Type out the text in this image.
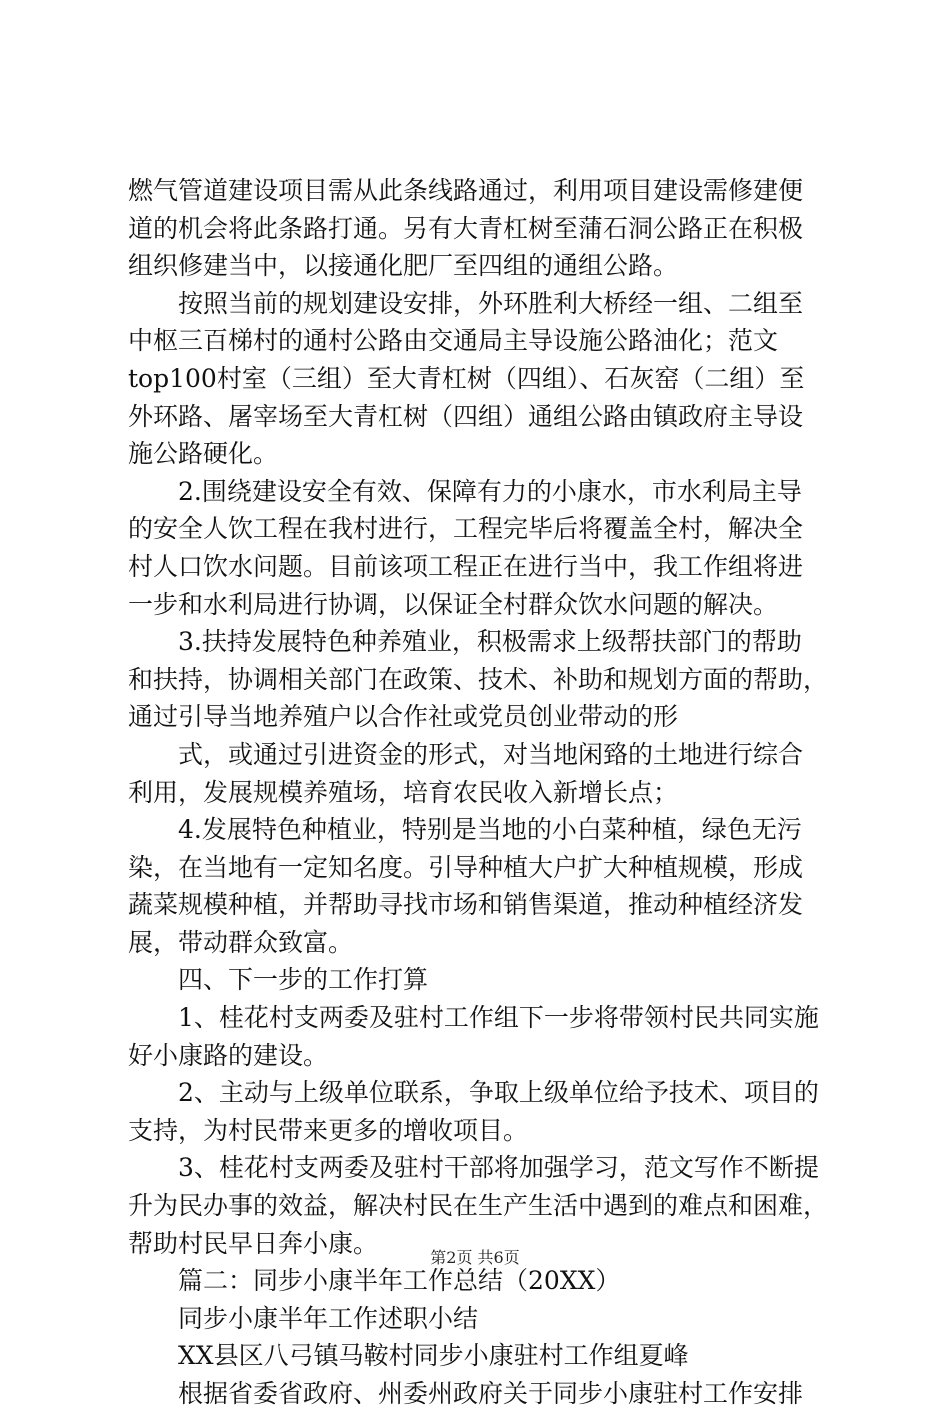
燃气管道建设项目需从此条线路通过，利用项目建设需修建便
道的机会将此条路打通。另有大青杠树至蒲石洞公路正在积极
组织修建当中，以接通化肥厂至四组的通组公路。
按照当前的规划建设安排，外环胜利大桥经一组、二组至
中枢三百梯村的通村公路由交通局主导设施公路油化；范文
top100村室（三组）至大青杠树（四组）、石灰窑（二组）至
外环路、屠宰场至大青杠树（四组）通组公路由镇政府主导设
施公路硬化。
2.围绕建设安全有效、保障有力的小康水，市水利局主导
的安全人饮工程在我村进行，工程完毕后将覆盖全村，解决全
村人口饮水问题。目前该项工程正在进行当中，我工作组将进
一步和水利局进行协调，以保证全村群众饮水问题的解决。
3.扶持发展特色种养殖业，积极需求上级帮扶部门的帮助
和扶持，协调相关部门在政策、技术、补助和规划方面的帮助，
通过引导当地养殖户以合作社或党员创业带动的形
式，或通过引进资金的形式，对当地闲臵的土地进行综合
利用，发展规模养殖场，培育农民收入新增长点；
4.发展特色种植业，特别是当地的小白菜种植，绿色无污
染，在当地有一定知名度。引导种植大户扩大种植规模，形成
蔬菜规模种植，并帮助寻找市场和销售渠道，推动种植经济发
展，带动群众致富。
四、下一步的工作打算
1、桂花村支两委及驻村工作组下一步将带领村民共同实施
好小康路的建设。
2、主动与上级单位联系，争取上级单位给予技术、项目的
支持，为村民带来更多的增收项目。
3、桂花村支两委及驻村干部将加强学习，范文写作不断提
升为民办事的效益，解决村民在生产生活中遇到的难点和困难，
帮助村民早日奔小康。
篇二：同步小康半年工作总结（20XX）
同步小康半年工作述职小结
XX县区八弓镇马鞍村同步小康驻村工作组夏峰
根据省委省政府、州委州政府关于同步小康驻村工作安排
第2页 共6页
